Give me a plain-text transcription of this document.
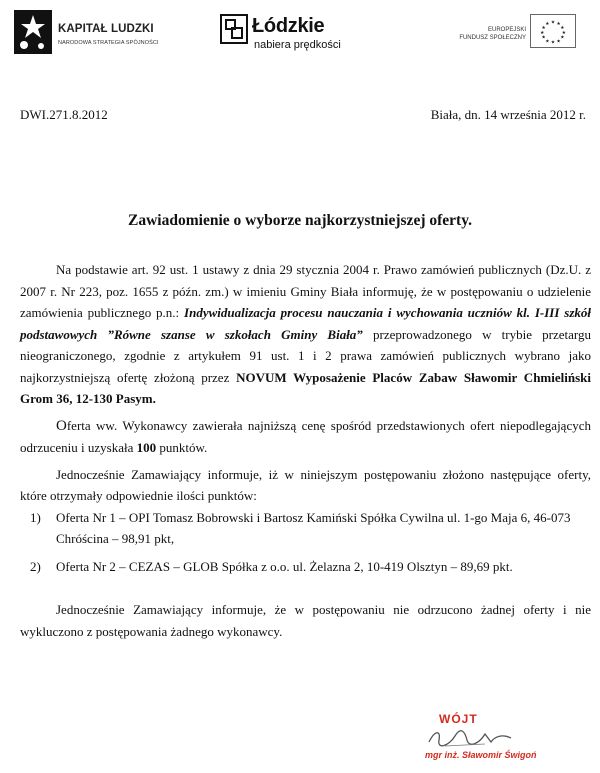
KAPITAŁ LUDZKI
NARODOWA STRATEGIA SPÓJNOŚCI
Łódzkie
nabiera prędkości
EUROPEJSKI
FUNDUSZ SPOŁECZNY
★ ★
★
★
★
★
★
★
★
★
★
★
DWI.271.8.2012	Biała, dn. 14 września 2012 r.
Zawiadomienie o wyborze najkorzystniejszej oferty.

Na podstawie art. 92 ust. 1 ustawy z dnia 29 stycznia 2004 r. Prawo zamówień publicznych (Dz.U. z 2007 r. Nr 223, poz. 1655 z późn. zm.) w imieniu Gminy Biała informuję, że w postępowaniu o udzielenie zamówienia publicznego p.n.: Indywidualizacja procesu nauczania i wychowania uczniów kl. I-III szkół podstawowych ”Równe szanse w szkołach Gminy Biała” przeprowadzonego w trybie przetargu nieograniczonego, zgodnie z artykułem 91 ust. 1 i 2 prawa zamówień publicznych wybrano jako najkorzystniejszą ofertę złożoną przez NOVUM Wyposażenie Placów Zabaw Sławomir Chmieliński Grom 36, 12-130 Pasym.

Oferta ww. Wykonawcy zawierała najniższą cenę spośród przedstawionych ofert niepodlegających odrzuceniu i uzyskała 100 punktów.

Jednocześnie Zamawiający informuje, iż w niniejszym postępowaniu złożono następujące oferty, które otrzymały odpowiednie ilości punktów:

1) Oferta Nr 1 – OPI Tomasz Bobrowski i Bartosz Kamiński Spółka Cywilna ul. 1-go Maja 6, 46-073 Chróścina – 98,91 pkt,
2) Oferta Nr 2 – CEZAS – GLOB Spółka z o.o. ul. Żelazna 2, 10-419 Olsztyn – 89,69 pkt.

Jednocześnie Zamawiający informuje, że w postępowaniu nie odrzucono żadnej oferty i nie wykluczono z postępowania żadnego wykonawcy.

WÓJT
mgr inż. Sławomir Świgoń
